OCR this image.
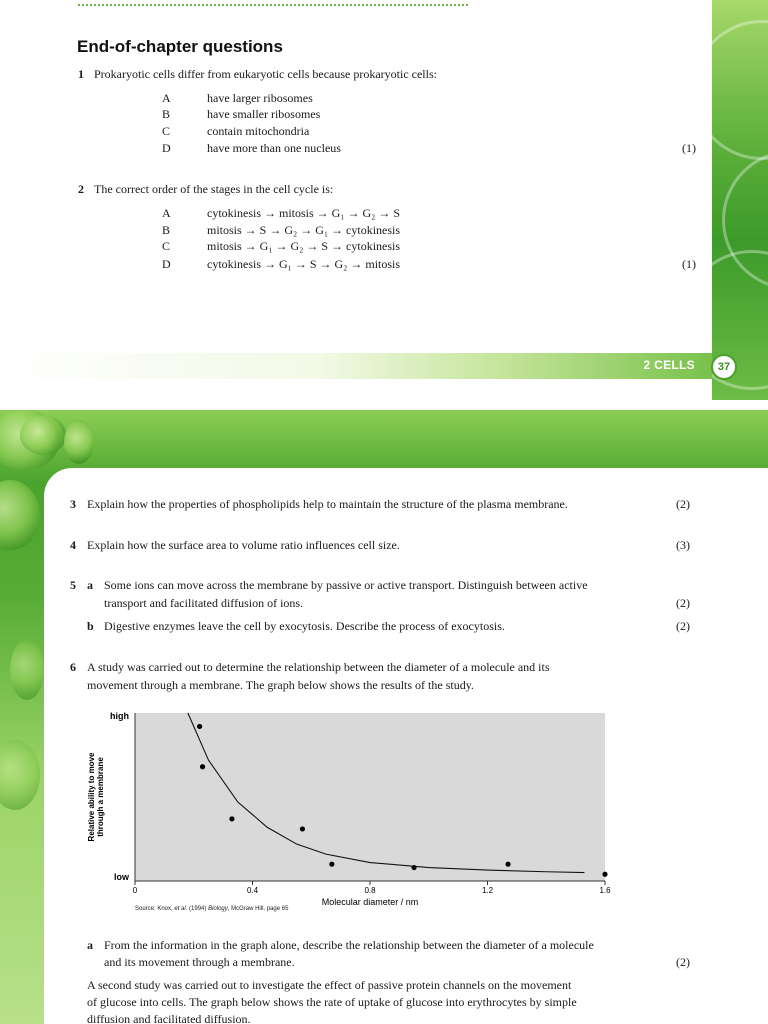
2 CELLS	37
End-of-chapter questions
1 Prokaryotic cells differ from eukaryotic cells because prokaryotic cells:
A	have larger ribosomes
B	have smaller ribosomes
C	contain mitochondria
D	have more than one nucleus	(1)
2 The correct order of the stages in the cell cycle is:
A	cytokinesis → mitosis → G₁ → G₂ → S
B	mitosis → S → G₂ → G₁ → cytokinesis
C	mitosis → G₁ → G₂ → S → cytokinesis
D	cytokinesis → G₁ → S → G₂ → mitosis	(1)
3 Explain how the properties of phospholipids help to maintain the structure of the plasma membrane.	(2)
4 Explain how the surface area to volume ratio influences cell size.	(3)
5 a Some ions can move across the membrane by passive or active transport. Distinguish between active
transport and facilitated diffusion of ions.	(2)
b Digestive enzymes leave the cell by exocytosis. Describe the process of exocytosis.	(2)
6 A study was carried out to determine the relationship between the diameter of a molecule and its
movement through a membrane. The graph below shows the results of the study.
high
low
Relative ability to move through a membrane
Molecular diameter / nm
0	0.4	0.8	1.2	1.6
Source: Knox, et al. (1994) Biology, McGraw Hill, page 65
a From the information in the graph alone, describe the relationship between the diameter of a molecule
and its movement through a membrane.	(2)
A second study was carried out to investigate the effect of passive protein channels on the movement
of glucose into cells. The graph below shows the rate of uptake of glucose into erythrocytes by simple
diffusion and facilitated diffusion.
